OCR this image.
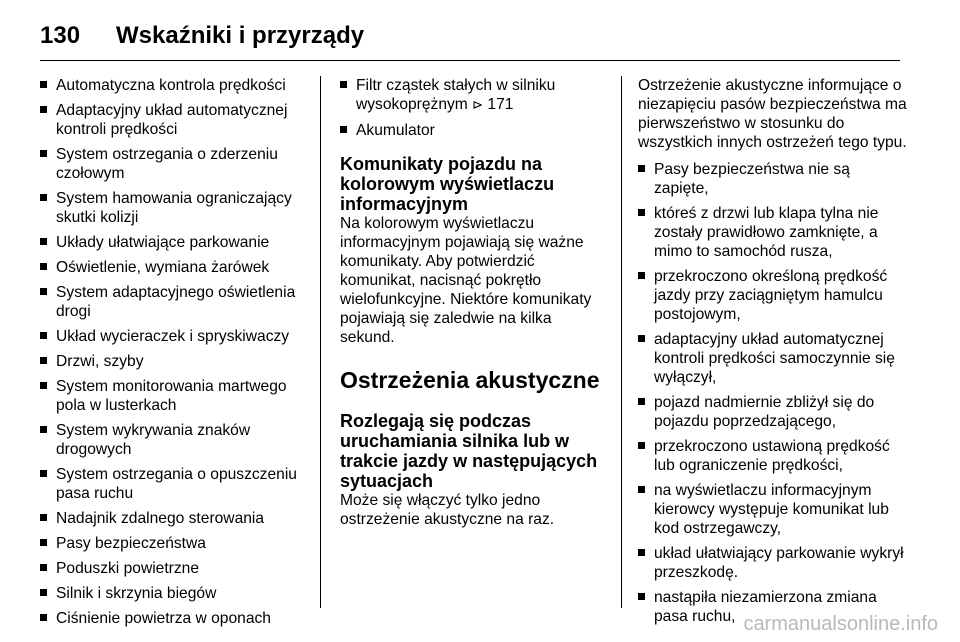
130	Wskaźniki i przyrządy
Automatyczna kontrola prędkości
Adaptacyjny układ automatycznej kontroli prędkości
System ostrzegania o zderzeniu czołowym
System hamowania ograniczający skutki kolizji
Układy ułatwiające parkowanie
Oświetlenie, wymiana żarówek
System adaptacyjnego oświetlenia drogi
Układ wycieraczek i spryskiwaczy
Drzwi, szyby
System monitorowania martwego pola w lusterkach
System wykrywania znaków drogowych
System ostrzegania o opuszczeniu pasa ruchu
Nadajnik zdalnego sterowania
Pasy bezpieczeństwa
Poduszki powietrzne
Silnik i skrzynia biegów
Ciśnienie powietrza w oponach
Filtr cząstek stałych w silniku wysokoprężnym ⊳ 171
Akumulator
Komunikaty pojazdu na kolorowym wyświetlaczu informacyjnym

Na kolorowym wyświetlaczu informacyjnym pojawiają się ważne komunikaty. Aby potwierdzić komunikat, nacisnąć pokrętło wielofunkcyjne. Niektóre komunikaty pojawiają się zaledwie na kilka sekund.

Ostrzeżenia akustyczne
Rozlegają się podczas uruchamiania silnika lub w trakcie jazdy w następujących sytuacjach

Może się włączyć tylko jedno ostrzeżenie akustyczne na raz.

Ostrzeżenie akustyczne informujące o niezapięciu pasów bezpieczeństwa ma pierwszeństwo w stosunku do wszystkich innych ostrzeżeń tego typu.

Pasy bezpieczeństwa nie są zapięte,
któreś z drzwi lub klapa tylna nie zostały prawidłowo zamknięte, a mimo to samochód rusza,
przekroczono określoną prędkość jazdy przy zaciągniętym hamulcu postojowym,
adaptacyjny układ automatycznej kontroli prędkości samoczynnie się wyłączył,
pojazd nadmiernie zbliżył się do pojazdu poprzedzającego,
przekroczono ustawioną prędkość lub ograniczenie prędkości,
na wyświetlaczu informacyjnym kierowcy występuje komunikat lub kod ostrzegawczy,
układ ułatwiający parkowanie wykrył przeszkodę.
nastąpiła niezamierzona zmiana pasa ruchu, carmanualsonline.info
